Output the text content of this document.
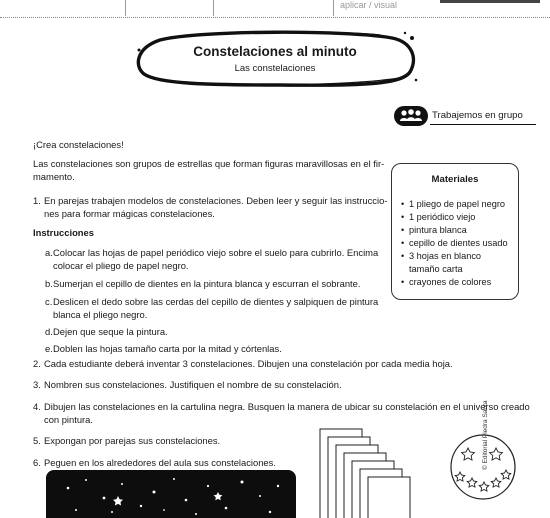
aplicar / visual
Constelaciones al minuto
Las constelaciones
Trabajemos en grupo
¡Crea constelaciones!
Las constelaciones son grupos de estrellas que forman figuras maravillosas en el fir-
mamento.
1. En parejas trabajen modelos de constelaciones. Deben leer y seguir las instruccio-
nes para formar mágicas constelaciones.
Instrucciones
a. Colocar las hojas de papel periódico viejo sobre el suelo para cubrirlo. Encima
colocar el pliego de papel negro.
b. Sumerjan el cepillo de dientes en la pintura blanca y escurran el sobrante.
c. Deslicen el dedo sobre las cerdas del cepillo de dientes y salpiquen de pintura
blanca el pliego negro.
d. Dejen que seque la pintura.
e. Doblen las hojas tamaño carta por la mitad y córtenlas.
2. Cada estudiante deberá inventar 3 constelaciones. Dibujen una constelación por cada media hoja.
3. Nombren sus constelaciones. Justifiquen el nombre de su constelación.
4. Dibujen las constelaciones en la cartulina negra. Busquen la manera de ubicar su constelación en el universo creado
con pintura.
5. Expongan por parejas sus constelaciones.
6. Peguen en los alrededores del aula sus constelaciones.
Materiales
• 1 pliego de papel negro
• 1 periódico viejo
• pintura blanca
• cepillo de dientes usado
• 3 hojas en blanco tamaño carta
• crayones de colores
© Editorial Piedra Santa
